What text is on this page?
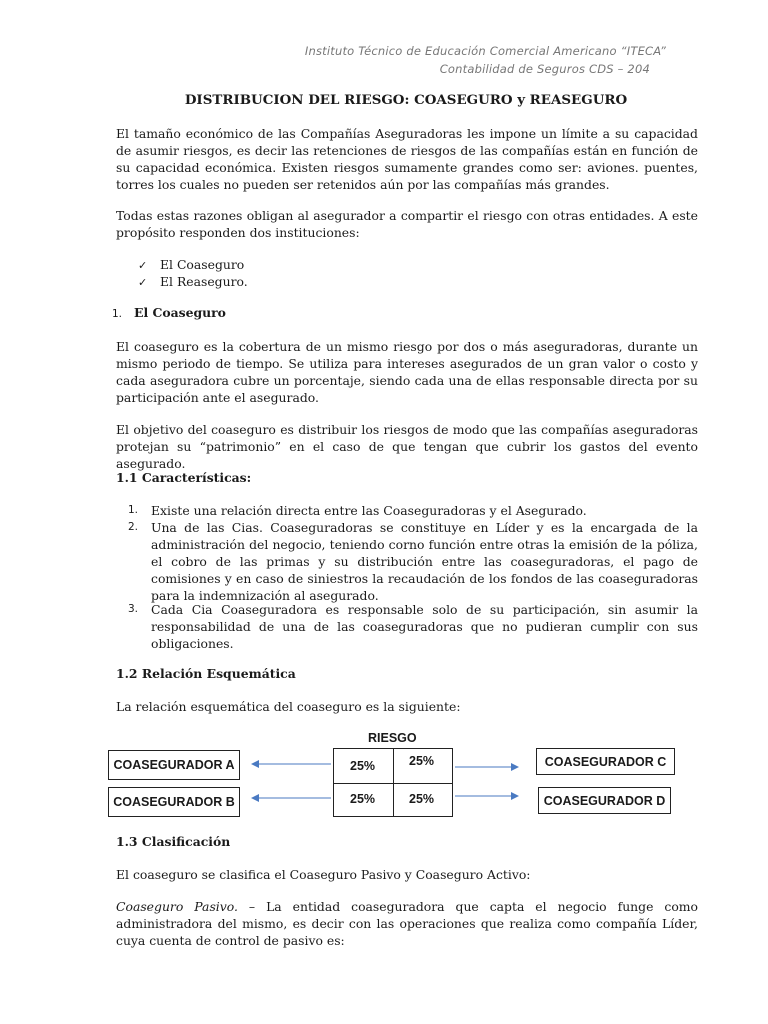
Instituto Técnico de Educación Comercial Americano “ITECA”
Contabilidad de Seguros CDS – 204
DISTRIBUCION DEL RIESGO: COASEGURO y REASEGURO

El tamaño económico de las Compañías Aseguradoras les impone un límite a su capacidad de asumir riesgos, es decir las retenciones de riesgos de las compañías están en función de su capacidad económica. Existen riesgos sumamente grandes como ser: aviones. puentes, torres los cuales no pueden ser retenidos aún por las compañías más grandes.

Todas estas razones obligan al asegurador a compartir el riesgo con otras entidades. A este propósito responden dos instituciones:

✓ El Coaseguro
✓ El Reaseguro.
1. El Coaseguro

El coaseguro es la cobertura de un mismo riesgo por dos o más aseguradoras, durante un mismo periodo de tiempo. Se utiliza para intereses asegurados de un gran valor o costo y cada aseguradora cubre un porcentaje, siendo cada una de ellas responsable directa por su participación ante el asegurado.

El objetivo del coaseguro es distribuir los riesgos de modo que las compañías aseguradoras protejan su “patrimonio” en el caso de que tengan que cubrir los gastos del evento asegurado.

1.1 Características:
1. Existe una relación directa entre las Coaseguradoras y el Asegurado.

2. Una de las Cias. Coaseguradoras se constituye en Líder y es la encargada de la administración del negocio, teniendo corno función entre otras la emisión de la póliza, el cobro de las primas y su distribución entre las coaseguradoras, el pago de comisiones y en caso de siniestros la recaudación de los fondos de las coaseguradoras para la indemnización al asegurado.

3. Cada Cia Coaseguradora es responsable solo de su participación, sin asumir la responsabilidad de una de las coaseguradoras que no pudieran cumplir con sus obligaciones.

1.2 Relación Esquemática

La relación esquemática del coaseguro es la siguiente:

RIESGO
COASEGURADOR A
COASEGURADOR B
COASEGURADOR C
COASEGURADOR D
25%	25%
25%	25%
1.3 Clasificación

El coaseguro se clasifica el Coaseguro Pasivo y Coaseguro Activo:

Coaseguro Pasivo. – La entidad coaseguradora que capta el negocio funge como administradora del mismo, es decir con las operaciones que realiza como compañía Líder, cuya cuenta de control de pasivo es:
